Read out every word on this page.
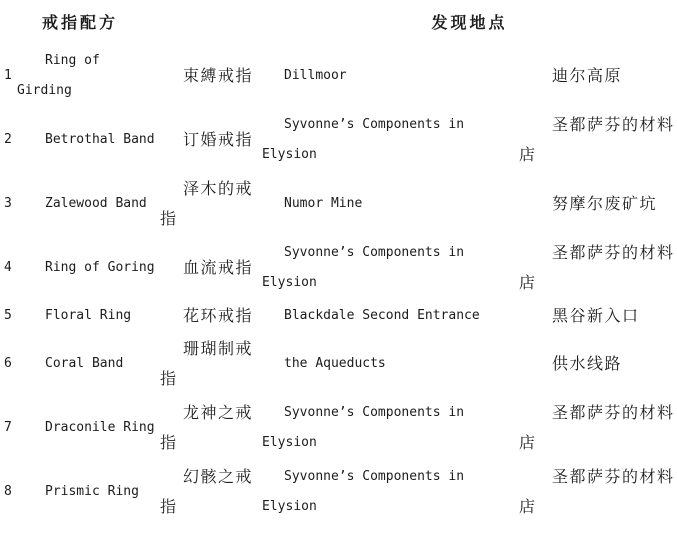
戒指配方			发现地点	
1	Ring of Girding	束縛戒指	Dillmoor	迪尔高原
2	Betrothal Band	订婚戒指	Syvonne’s Components in Elysion	圣都萨芬的材料店
3	Zalewood Band	泽木的戒指	Numor Mine	努摩尔废矿坑
4	Ring of Goring	血流戒指	Syvonne’s Components in Elysion	圣都萨芬的材料店
5	Floral Ring	花环戒指	Blackdale Second Entrance	黑谷新入口
6	Coral Band	珊瑚制戒指	the Aqueducts	供水线路
7	Draconile Ring	龙神之戒指	Syvonne’s Components in Elysion	圣都萨芬的材料店
8	Prismic Ring	幻骸之戒指	Syvonne’s Components in Elysion	圣都萨芬的材料店
